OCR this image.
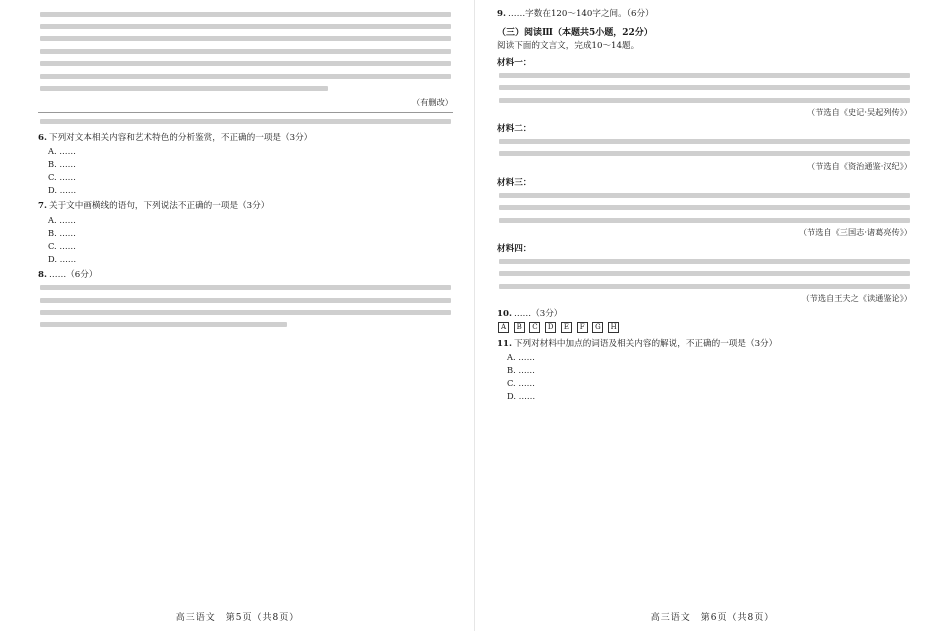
（有删改）
6. 下列对文本相关内容和艺术特色的分析鉴赏，不正确的一项是（3分）
A. ……
B. ……
C. ……
D. ……
7. 关于文中画横线的语句，下列说法不正确的一项是（3分）
A. ……
B. ……
C. ……
D. ……
8. ……（6分）
高三语文　第5页（共8页）
9. ……字数在120～140字之间。（6分）
（三）阅读Ⅲ（本题共5小题，22分）
阅读下面的文言文，完成10～14题。
材料一：
（节选自《史记·吴起列传》）
材料二：
（节选自《资治通鉴·汉纪》）
材料三：
（节选自《三国志·诸葛亮传》）
材料四：
（节选自王夫之《读通鉴论》）
10. ……（3分）
A B C D E F G H
11. 下列对材料中加点的词语及相关内容的解说，不正确的一项是（3分）
A. ……
B. ……
C. ……
D. ……
高三语文　第6页（共8页）
